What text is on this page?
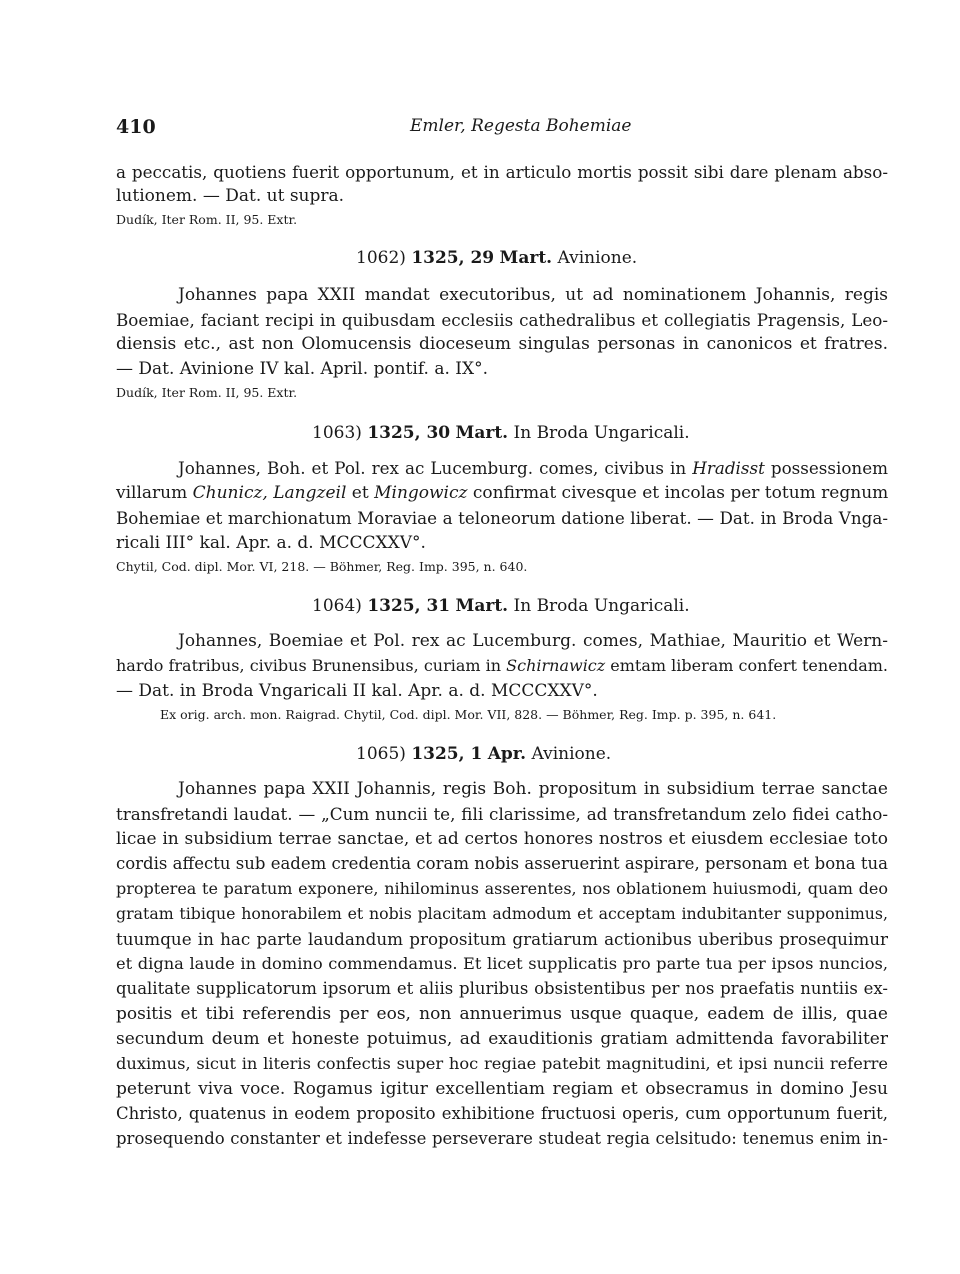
410	Emler, Regesta Bohemiae
a peccatis, quotiens fuerit opportunum, et in articulo mortis possit sibi dare plenam abso-
lutionem. — Dat. ut supra.
Dudík, Iter Rom. II, 95. Extr.
1062) 1325, 29 Mart. Avinione.
Johannes papa XXII mandat executoribus, ut ad nominationem Johannis, regis
Boemiae, faciant recipi in quibusdam ecclesiis cathedralibus et collegiatis Pragensis, Leo-
diensis etc., ast non Olomucensis dioceseum singulas personas in canonicos et fratres.
— Dat. Avinione IV kal. April. pontif. a. IX°.
Dudík, Iter Rom. II, 95. Extr.
1063) 1325, 30 Mart. In Broda Ungaricali.
Johannes, Boh. et Pol. rex ac Lucemburg. comes, civibus in Hradisst possessionem
villarum Chunicz, Langzeil et Mingowicz confirmat civesque et incolas per totum regnum
Bohemiae et marchionatum Moraviae a teloneorum datione liberat. — Dat. in Broda Vnga-
ricali III° kal. Apr. a. d. MCCCXXV°.
Chytil, Cod. dipl. Mor. VI, 218. — Böhmer, Reg. Imp. 395, n. 640.
1064) 1325, 31 Mart. In Broda Ungaricali.
Johannes, Boemiae et Pol. rex ac Lucemburg. comes, Mathiae, Mauritio et Wern-
hardo fratribus, civibus Brunensibus, curiam in Schirnawicz emtam liberam confert tenendam.
— Dat. in Broda Vngaricali II kal. Apr. a. d. MCCCXXV°.
Ex orig. arch. mon. Raigrad. Chytil, Cod. dipl. Mor. VII, 828. — Böhmer, Reg. Imp. p. 395, n. 641.
1065) 1325, 1 Apr. Avinione.
Johannes papa XXII Johannis, regis Boh. propositum in subsidium terrae sanctae
transfretandi laudat. — „Cum nuncii te, fili clarissime, ad transfretandum zelo fidei catho-
licae in subsidium terrae sanctae, et ad certos honores nostros et eiusdem ecclesiae toto
cordis affectu sub eadem credentia coram nobis asseruerint aspirare, personam et bona tua
propterea te paratum exponere, nihilominus asserentes, nos oblationem huiusmodi, quam deo
gratam tibique honorabilem et nobis placitam admodum et acceptam indubitanter supponimus,
tuumque in hac parte laudandum propositum gratiarum actionibus uberibus prosequimur
et digna laude in domino commendamus. Et licet supplicatis pro parte tua per ipsos nuncios,
qualitate supplicatorum ipsorum et aliis pluribus obsistentibus per nos praefatis nuntiis ex-
positis et tibi referendis per eos, non annuerimus usque quaque, eadem de illis, quae
secundum deum et honeste potuimus, ad exauditionis gratiam admittenda favorabiliter
duximus, sicut in literis confectis super hoc regiae patebit magnitudini, et ipsi nuncii referre
peterunt viva voce. Rogamus igitur excellentiam regiam et obsecramus in domino Jesu
Christo, quatenus in eodem proposito exhibitione fructuosi operis, cum opportunum fuerit,
prosequendo constanter et indefesse perseverare studeat regia celsitudo: tenemus enim in-
